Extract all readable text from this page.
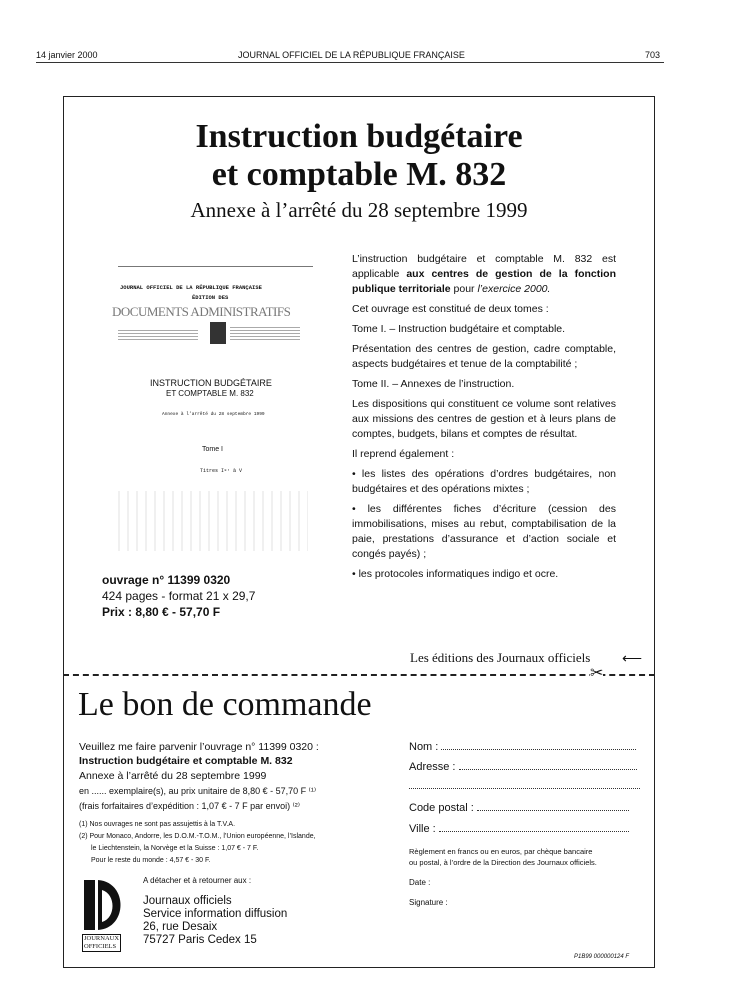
14 janvier 2000	JOURNAL OFFICIEL DE LA RÉPUBLIQUE FRANÇAISE	703
Instruction budgétaire
et comptable M. 832
Annexe à l’arrêté du 28 septembre 1999
JOURNAL OFFICIEL DE LA RÉPUBLIQUE FRANÇAISE
ÉDITION DES
DOCUMENTS ADMINISTRATIFS
INSTRUCTION BUDGÉTAIRE
ET COMPTABLE M. 832
Annexe à l’arrêté du 28 septembre 1999
Tome I
Titres Iᵉʳ à V

L’instruction budgétaire et comptable M. 832 est applicable aux centres de gestion de la fonction publique territoriale pour l’exercice 2000.

Cet ouvrage est constitué de deux tomes :

Tome I. – Instruction budgétaire et comptable.

Présentation des centres de gestion, cadre comptable, aspects budgétaires et tenue de la comptabilité ;

Tome II. – Annexes de l’instruction.

Les dispositions qui constituent ce volume sont relatives aux missions des centres de gestion et à leurs plans de comptes, budgets, bilans et comptes de résultat.

Il reprend également :

• les listes des opérations d’ordres budgétaires, non budgétaires et des opérations mixtes ;

• les différentes fiches d’écriture (cession des immobilisations, mises au rebut, comptabilisation de la paie, prestations d’assurance et d’action sociale et congés payés) ;

• les protocoles informatiques indigo et ocre.

ouvrage n° 11399 0320
424 pages - format 21 x 29,7
Prix : 8,80 € - 57,70 F
Les éditions des Journaux officiels ⟵
✂
Le bon de commande
Veuillez me faire parvenir l’ouvrage n° 11399 0320 :
Instruction budgétaire et comptable M. 832
Annexe à l’arrêté du 28 septembre 1999
en ...... exemplaire(s), au prix unitaire de 8,80 € - 57,70 F ⁽¹⁾
(frais forfaitaires d’expédition : 1,07 € - 7 F par envoi) ⁽²⁾
(1) Nos ouvrages ne sont pas assujettis à la T.V.A.
(2) Pour Monaco, Andorre, les D.O.M.-T.O.M., l’Union européenne, l’Islande,
le Liechtenstein, la Norvège et la Suisse : 1,07 € - 7 F.
Pour le reste du monde : 4,57 € - 30 F.
A détacher et à retourner aux :
JOURNAUX
OFFICIELS
Journaux officiels
Service information diffusion
26, rue Desaix
75727 Paris Cedex 15
Nom :
Adresse :
Code postal :
Ville :
Règlement en francs ou en euros, par chèque bancaire
ou postal, à l’ordre de la Direction des Journaux officiels.
Date :
Signature :
P1B99 000000124 F
